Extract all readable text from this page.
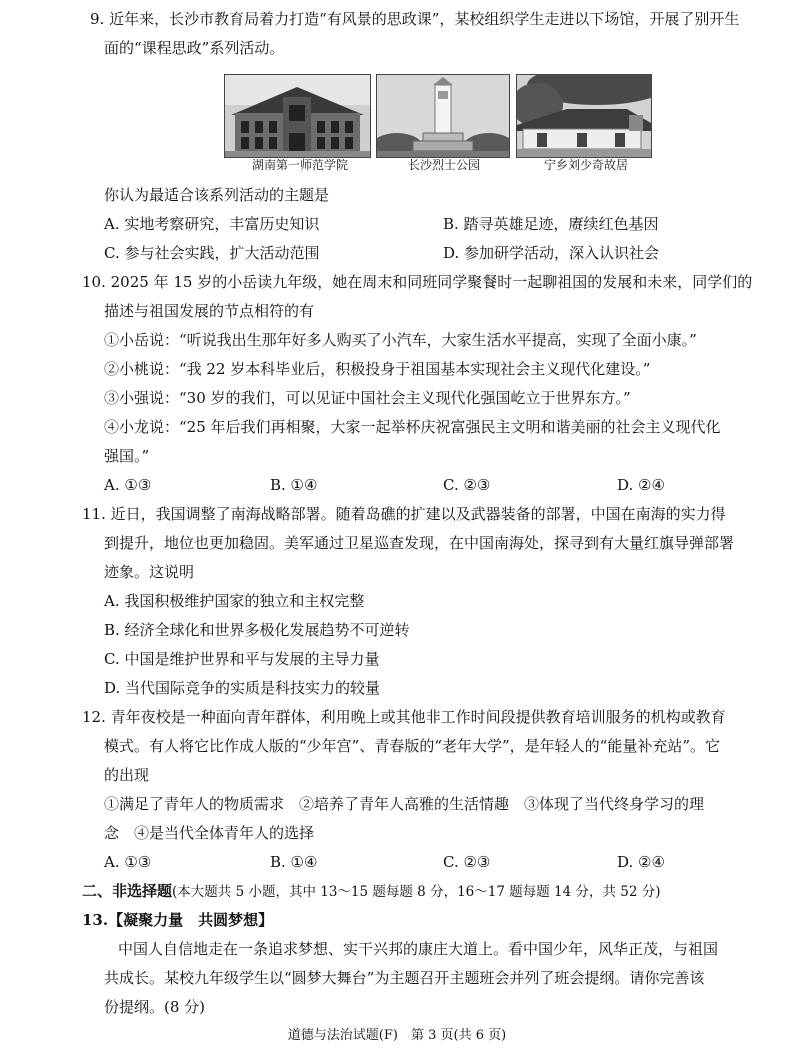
9. 近年来，长沙市教育局着力打造“有风景的思政课”，某校组织学生走进以下场馆，开展了别开生
面的“课程思政”系列活动。
湖南第一师范学院	长沙烈士公园	宁乡刘少奇故居
你认为最适合该系列活动的主题是
A. 实地考察研究，丰富历史知识	B. 踏寻英雄足迹，赓续红色基因
C. 参与社会实践，扩大活动范围	D. 参加研学活动，深入认识社会
10. 2025 年 15 岁的小岳读九年级，她在周末和同班同学聚餐时一起聊祖国的发展和未来，同学们的
描述与祖国发展的节点相符的有
①小岳说：“听说我出生那年好多人购买了小汽车，大家生活水平提高，实现了全面小康。”
②小桃说：“我 22 岁本科毕业后，积极投身于祖国基本实现社会主义现代化建设。”
③小强说：“30 岁的我们，可以见证中国社会主义现代化强国屹立于世界东方。”
④小龙说：“25 年后我们再相聚，大家一起举杯庆祝富强民主文明和谐美丽的社会主义现代化
强国。”
A. ①③	B. ①④	C. ②③	D. ②④
11. 近日，我国调整了南海战略部署。随着岛礁的扩建以及武器装备的部署，中国在南海的实力得
到提升，地位也更加稳固。美军通过卫星巡查发现，在中国南海处，探寻到有大量红旗导弹部署
迹象。这说明
A. 我国积极维护国家的独立和主权完整
B. 经济全球化和世界多极化发展趋势不可逆转
C. 中国是维护世界和平与发展的主导力量
D. 当代国际竞争的实质是科技实力的较量
12. 青年夜校是一种面向青年群体，利用晚上或其他非工作时间段提供教育培训服务的机构或教育
模式。有人将它比作成人版的“少年宫”、青春版的“老年大学”，是年轻人的“能量补充站”。它
的出现
①满足了青年人的物质需求　②培养了青年人高雅的生活情趣　③体现了当代终身学习的理
念　④是当代全体青年人的选择
A. ①③	B. ①④	C. ②③	D. ②④
二、非选择题(本大题共 5 小题，其中 13～15 题每题 8 分，16～17 题每题 14 分，共 52 分)
13.【凝聚力量　共圆梦想】
中国人自信地走在一条追求梦想、实干兴邦的康庄大道上。看中国少年，风华正茂，与祖国
共成长。某校九年级学生以“圆梦大舞台”为主题召开主题班会并列了班会提纲。请你完善该
份提纲。(8 分)
道德与法治试题(F)　第 3 页(共 6 页)
